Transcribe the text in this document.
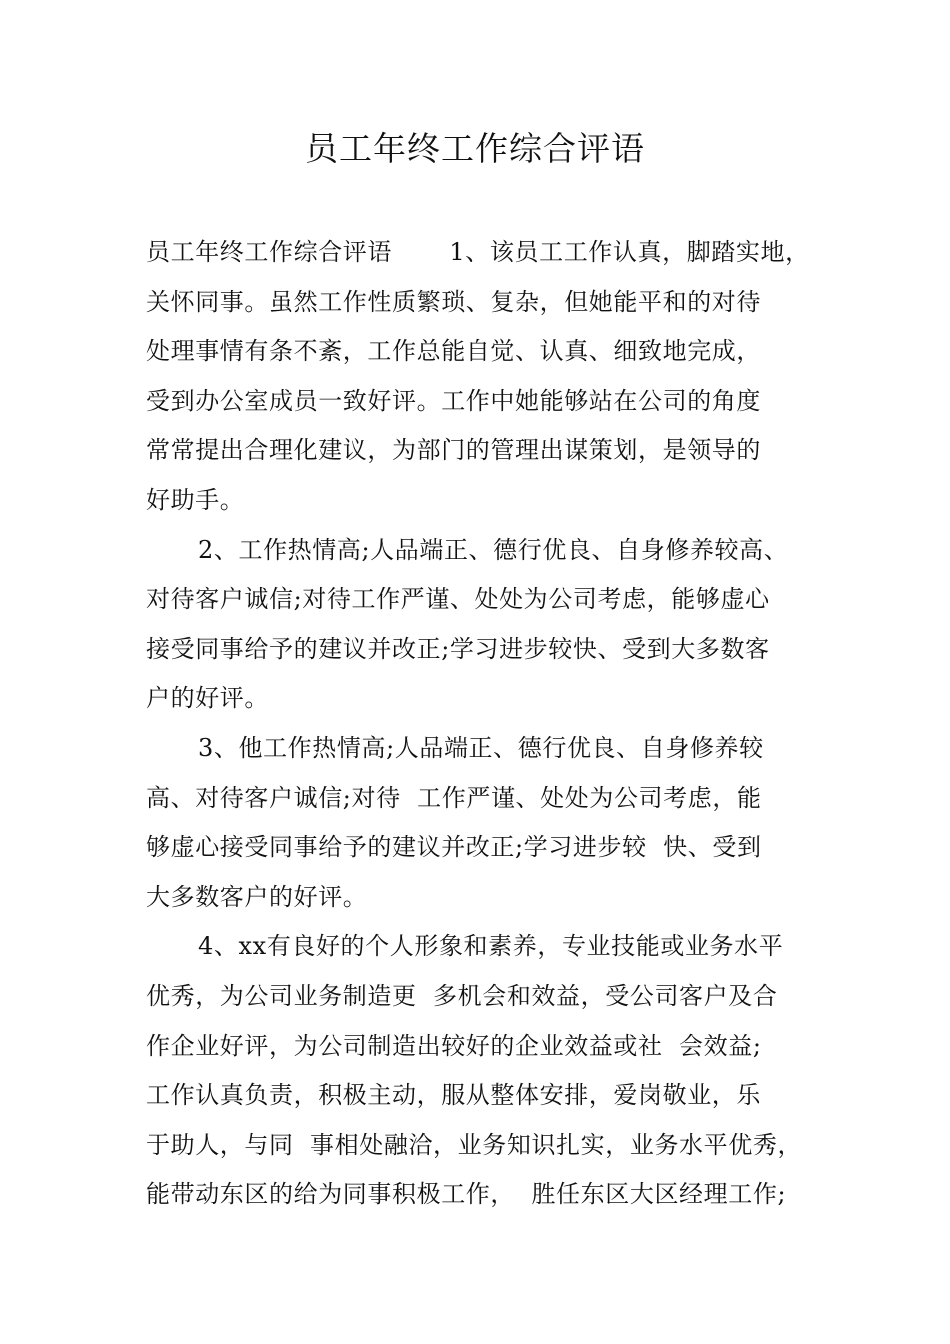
员工年终工作综合评语
员工年终工作综合评语　　 1、该员工工作认真，脚踏实地，
关怀同事。虽然工作性质繁琐、复杂，但她能平和的对待
处理事情有条不紊，工作总能自觉、认真、细致地完成，
受到办公室成员一致好评。工作中她能够站在公司的角度
常常提出合理化建议，为部门的管理出谋策划，是领导的
好助手。
2、工作热情高;人品端正、德行优良、自身修养较高、
对待客户诚信;对待工作严谨、处处为公司考虑，能够虚心
接受同事给予的建议并改正;学习进步较快、受到大多数客
户的好评。
3、他工作热情高;人品端正、德行优良、自身修养较
高、对待客户诚信;对待  工作严谨、处处为公司考虑，能
够虚心接受同事给予的建议并改正;学习进步较  快、受到
大多数客户的好评。
4、xx有良好的个人形象和素养，专业技能或业务水平
优秀，为公司业务制造更  多机会和效益，受公司客户及合
作企业好评，为公司制造出较好的企业效益或社  会效益;
工作认真负责，积极主动，服从整体安排，爱岗敬业，乐
于助人，与同  事相处融洽，业务知识扎实，业务水平优秀，
能带动东区的给为同事积极工作，  胜任东区大区经理工作;
